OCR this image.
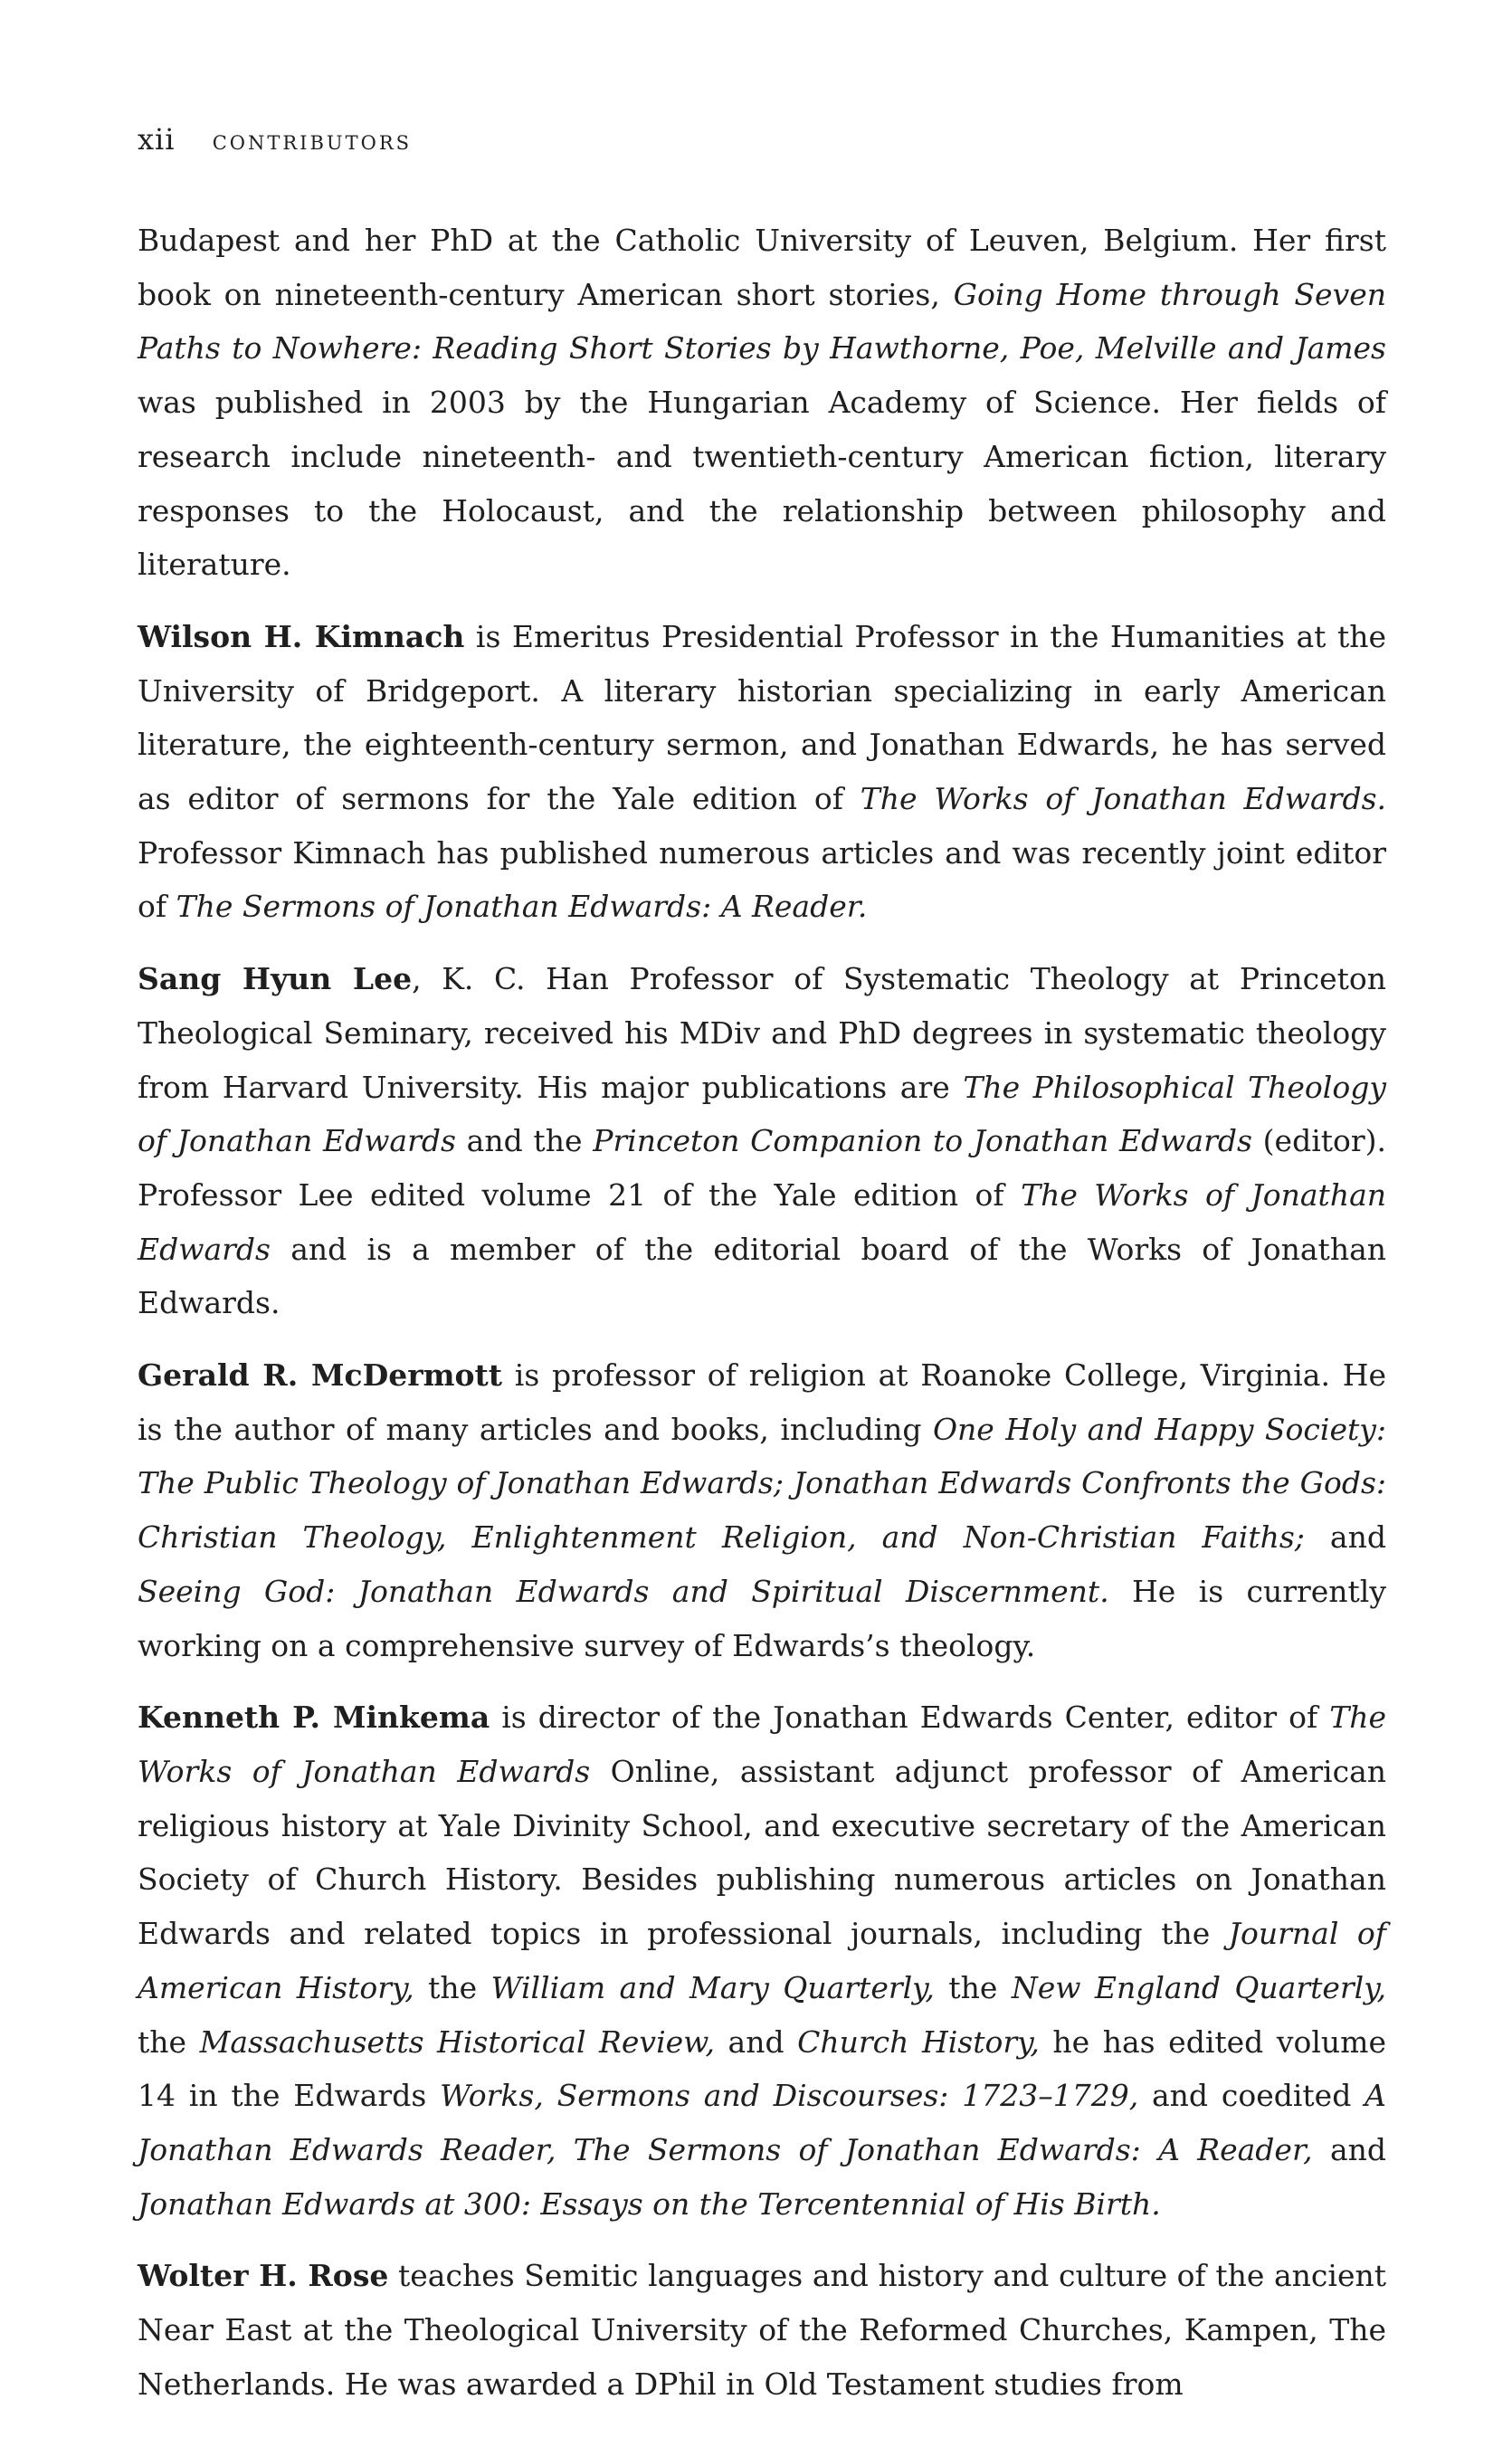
xii contributors

Budapest and her PhD at the Catholic University of Leuven, Belgium. Her first book on nineteenth-century American short stories, Going Home through Seven Paths to Nowhere: Reading Short Stories by Hawthorne, Poe, Melville and James was published in 2003 by the Hungarian Academy of Science. Her fields of research include nineteenth- and twentieth-century American fiction, literary responses to the Holocaust, and the relationship between philosophy and literature.

Wilson H. Kimnach is Emeritus Presidential Professor in the Humanities at the University of Bridgeport. A literary historian specializing in early American literature, the eighteenth-century sermon, and Jonathan Edwards, he has served as editor of sermons for the Yale edition of The Works of Jonathan Edwards. Professor Kimnach has published numerous articles and was recently joint editor of The Sermons of Jonathan Edwards: A Reader.

Sang Hyun Lee, K. C. Han Professor of Systematic Theology at Princeton Theological Seminary, received his MDiv and PhD degrees in systematic theology from Harvard University. His major publications are The Philosophical Theology of Jonathan Edwards and the Princeton Companion to Jonathan Edwards (editor). Professor Lee edited volume 21 of the Yale edition of The Works of Jonathan Edwards and is a member of the editorial board of the Works of Jonathan Edwards.

Gerald R. McDermott is professor of religion at Roanoke College, Virginia. He is the author of many articles and books, including One Holy and Happy Society: The Public Theology of Jonathan Edwards; Jonathan Edwards Confronts the Gods: Christian Theology, Enlightenment Religion, and Non-Christian Faiths; and Seeing God: Jonathan Edwards and Spiritual Discernment. He is currently working on a comprehensive survey of Edwards’s theology.

Kenneth P. Minkema is director of the Jonathan Edwards Center, editor of The Works of Jonathan Edwards Online, assistant adjunct professor of American religious history at Yale Divinity School, and executive secretary of the American Society of Church History. Besides publishing numerous articles on Jonathan Edwards and related topics in professional journals, including the Journal of American History, the William and Mary Quarterly, the New England Quarterly, the Massachusetts Historical Review, and Church History, he has edited volume 14 in the Edwards Works, Sermons and Discourses: 1723–1729, and coedited A Jonathan Edwards Reader, The Sermons of Jonathan Edwards: A Reader, and Jonathan Edwards at 300: Essays on the Tercentennial of His Birth.

Wolter H. Rose teaches Semitic languages and history and culture of the ancient Near East at the Theological University of the Reformed Churches, Kampen, The Netherlands. He was awarded a DPhil in Old Testament studies from
